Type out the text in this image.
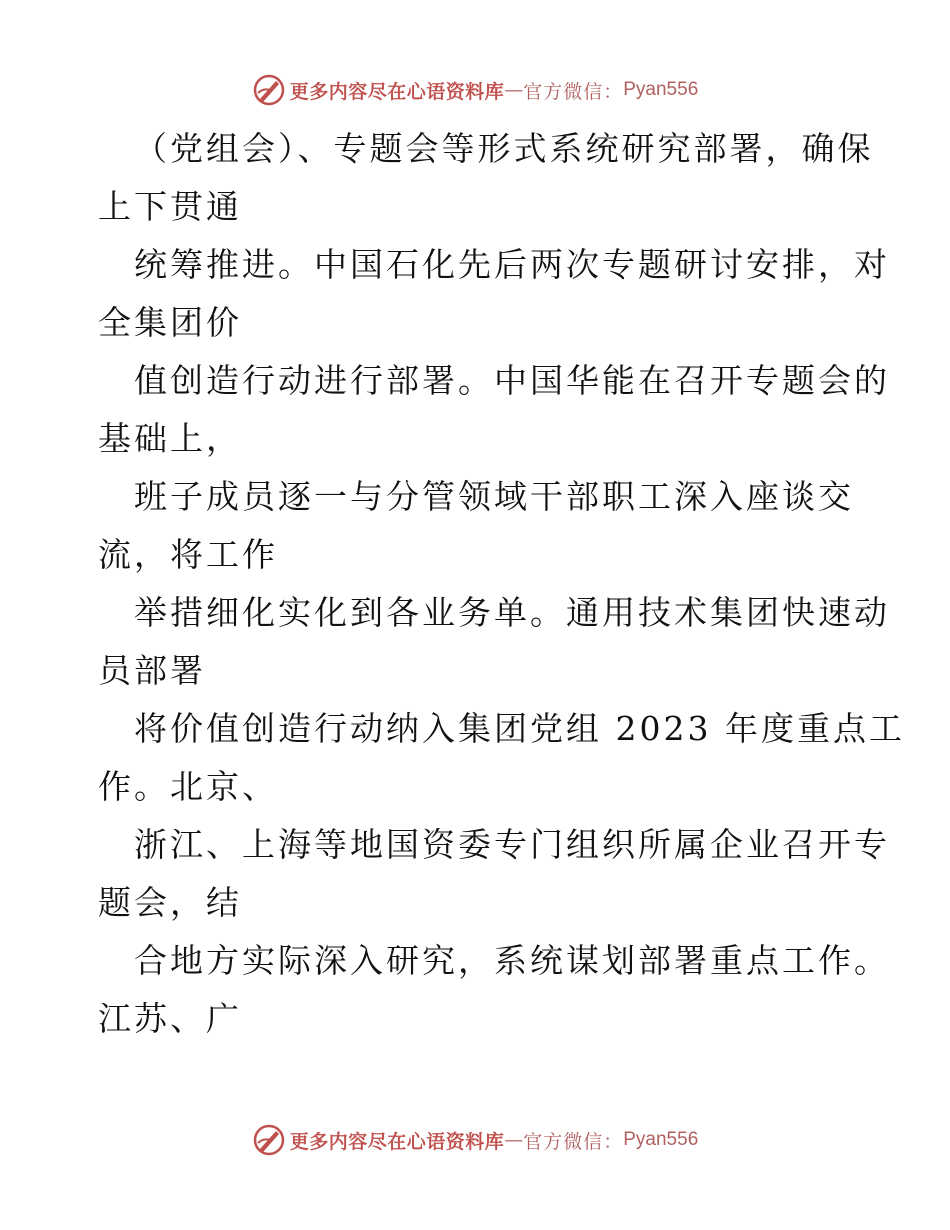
更多内容尽在心语资料库 — 官方微信： Pyan556
（党组会）、专题会等形式系统研究部署，确保
上下贯通
统筹推进。中国石化先后两次专题研讨安排，对
全集团价
值创造行动进行部署。中国华能在召开专题会的
基础上，
班子成员逐一与分管领域干部职工深入座谈交
流，将工作
举措细化实化到各业务单。通用技术集团快速动
员部署
将价值创造行动纳入集团党组 2023 年度重点工
作。北京、
浙江、上海等地国资委专门组织所属企业召开专
题会，结
合地方实际深入研究，系统谋划部署重点工作。
江苏、广
更多内容尽在心语资料库 — 官方微信： Pyan556
